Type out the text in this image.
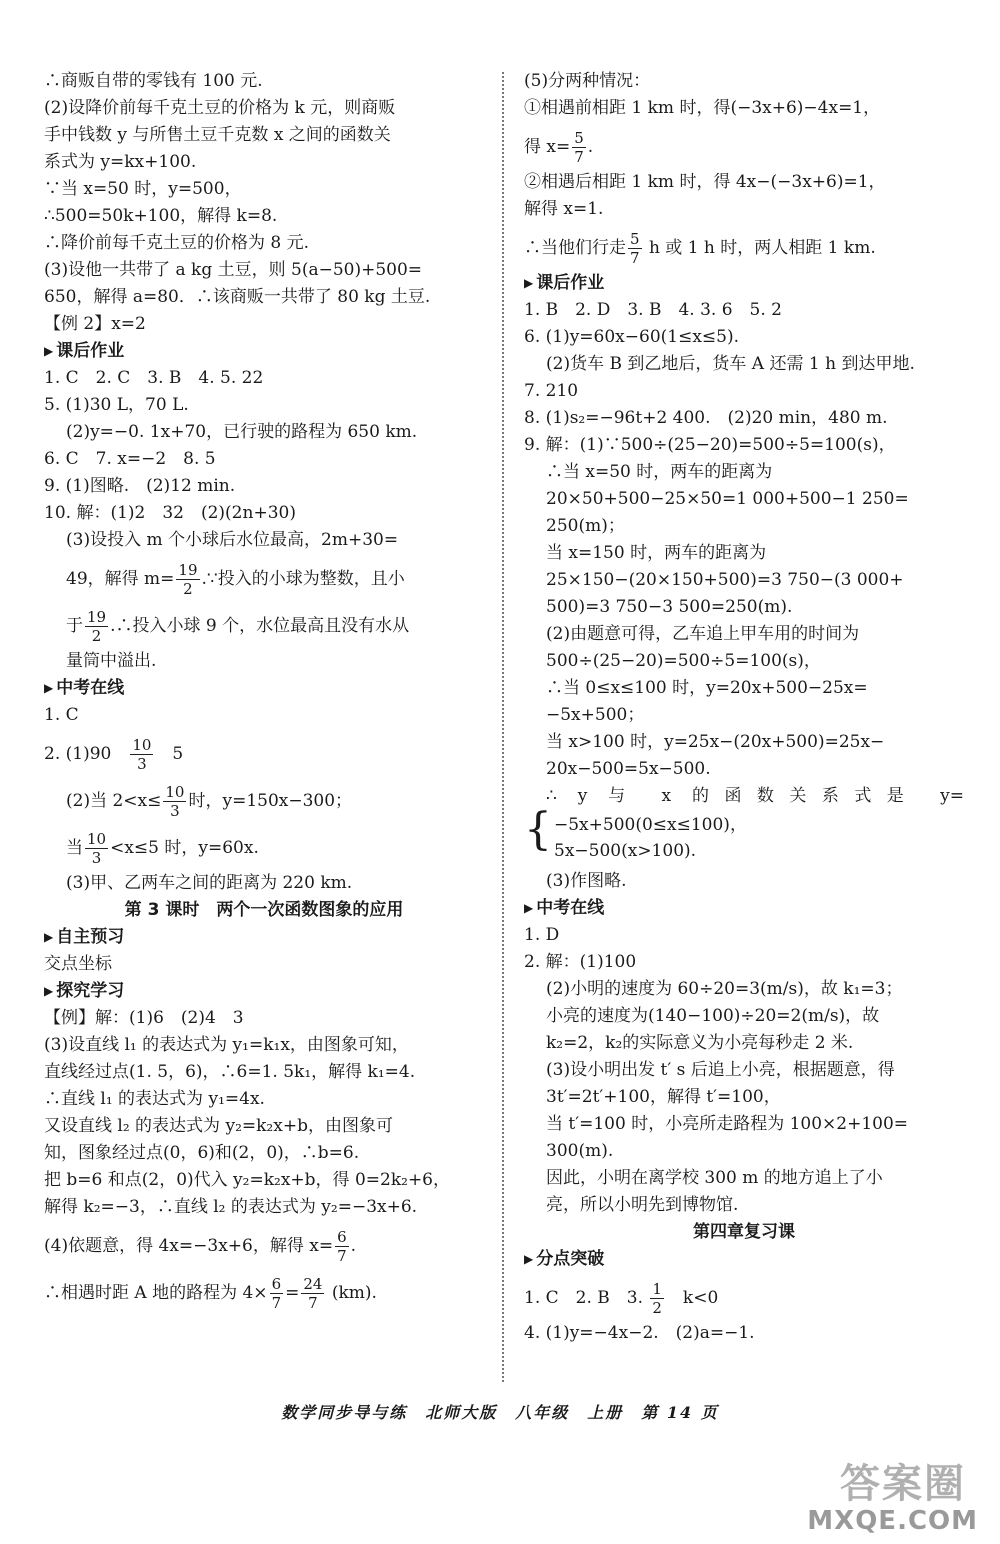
∴商贩自带的零钱有 100 元.
(2)设降价前每千克土豆的价格为 k 元，则商贩
手中钱数 y 与所售土豆千克数 x 之间的函数关
系式为 y=kx+100.
∵当 x=50 时，y=500，
∴500=50k+100，解得 k=8.
∴降价前每千克土豆的价格为 8 元.
(3)设他一共带了 a kg 土豆，则 5(a−50)+500=
650，解得 a=80．∴该商贩一共带了 80 kg 土豆.
【例 2】x=2
▶ 课后作业
1. C　2. C　3. B　4. 5. 22
5. (1)30 L，70 L.
(2)y=−0. 1x+70，已行驶的路程为 650 km.
6. C　7. x=−2　8. 5
9. (1)图略.　(2)12 min.
10. 解：(1)2　32　(2)(2n+30)
(3)设投入 m 个小球后水位最高，2m+30=
49，解得 $m= \frac{19}{2}$ .∵投入的小球为整数，且小
于 $\frac{19}{2}$ .∴投入小球 9 个，水位最高且没有水从
量筒中溢出.
▶ 中考在线
1. C
2. (1)90　 $\frac{10}{3}$ 　5
(2)当 $2<x\le \frac{10}{3}$ 时，y=150x−300；
当 $\frac{10}{3} <x\le 5$ 时，y=60x.
(3)甲、乙两车之间的距离为 220 km.
第 3 课时　两个一次函数图象的应用
▶ 自主预习
交点坐标
▶ 探究学习
【例】解：(1)6　(2)4　3
(3)设直线 l₁ 的表达式为 y₁=k₁x，由图象可知，
直线经过点(1. 5，6)，∴6=1. 5k₁，解得 k₁=4.
∴直线 l₁ 的表达式为 y₁=4x.
又设直线 l₂ 的表达式为 y₂=k₂x+b，由图象可
知，图象经过点(0，6)和(2，0)，∴b=6.
把 b=6 和点(2，0)代入 y₂=k₂x+b，得 0=2k₂+6，
解得 k₂=−3，∴直线 l₂ 的表达式为 y₂=−3x+6.
(4)依题意，得 4x=−3x+6，解得 $x= \frac{6}{7}$ .
∴相遇时距 A 地的路程为 $4\times \frac{6}{7} = \frac{24}{7} (km)$.
(5)分两种情况：
①相遇前相距 1 km 时，得(−3x+6)−4x=1，
得 $x= \frac{5}{7}$ .
②相遇后相距 1 km 时，得 4x−(−3x+6)=1，
解得 x=1.
∴当他们行走 $\frac{5}{7}$ h 或 1 h 时，两人相距 1 km.
▶ 课后作业
1. B　2. D　3. B　4. 3. 6　5. 2
6. (1)y=60x−60(1≤x≤5).
(2)货车 B 到乙地后，货车 A 还需 1 h 到达甲地.
7. 210
8. (1)s₂=−96t+2 400.　(2)20 min，480 m.
9. 解：(1)∵500÷(25−20)=500÷5=100(s)，
∴当 x=50 时，两车的距离为
20×50+500−25×50=1 000+500−1 250=
250(m)；
当 x=150 时，两车的距离为
25×150−(20×150+500)=3 750−(3 000+
500)=3 750−3 500=250(m).
(2)由题意可得，乙车追上甲车用的时间为
500÷(25−20)=500÷5=100(s)，
∴当 0≤x≤100 时，y=20x+500−25x=
−5x+500；
当 x>100 时，y=25x−(20x+500)=25x−
20x−500=5x−500.
∴ y 与 x 的函数关系式是 y=
{ −5x+500(0≤x≤100)，
5x−500(x>100).
(3)作图略.
▶ 中考在线
1. D
2. 解：(1)100
(2)小明的速度为 60÷20=3(m/s)，故 k₁=3；
小亮的速度为(140−100)÷20=2(m/s)，故
k₂=2，k₂的实际意义为小亮每秒走 2 米.
(3)设小明出发 t′ s 后追上小亮，根据题意，得
3t′=2t′+100，解得 t′=100，
当 t′=100 时，小亮所走路程为 100×2+100=
300(m).
因此，小明在离学校 300 m 的地方追上了小
亮，所以小明先到博物馆.
第四章复习课
▶ 分点突破
1. C　2. B　3. $\frac{1}{2}$ 　k<0
4. (1)y=−4x−2.　(2)a=−1.
数学同步导与练　北师大版　八年级　上册　第 14 页
答案圈
MXQE.COM
